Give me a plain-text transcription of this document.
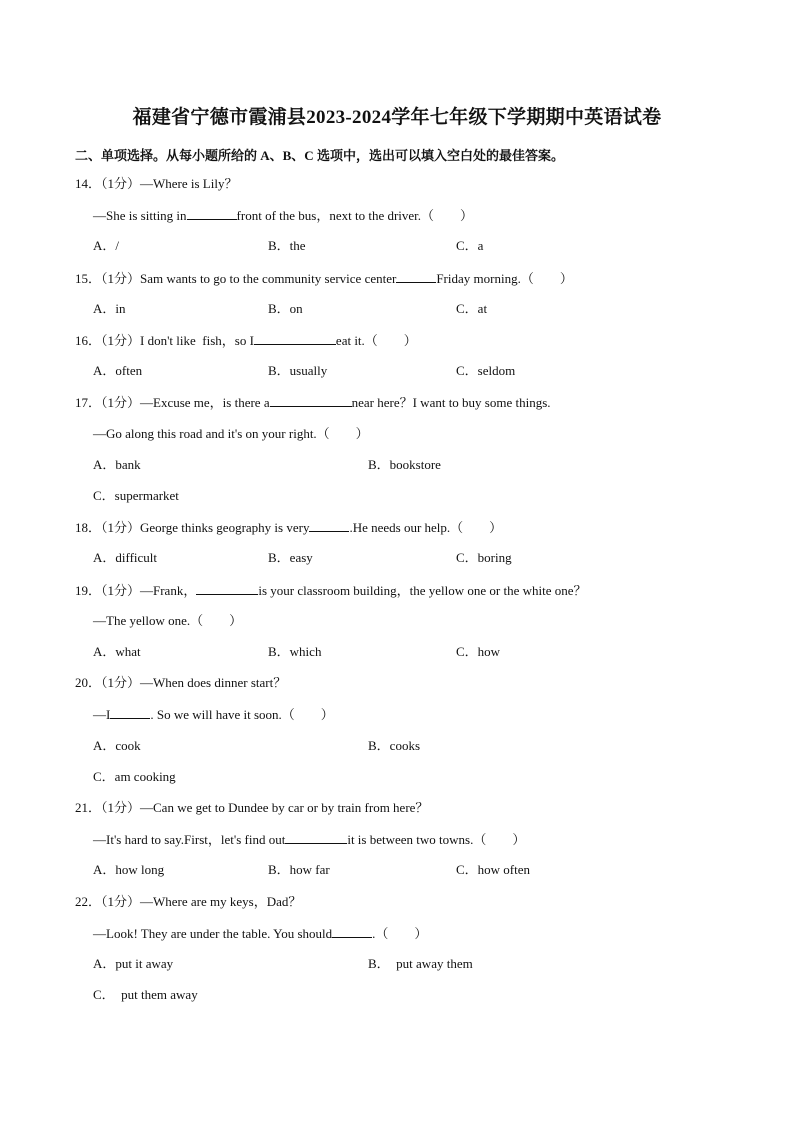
福建省宁德市霞浦县2023-2024学年七年级下学期期中英语试卷
二、单项选择。从每小题所给的 A、B、C 选项中，选出可以填入空白处的最佳答案。
14．（1分）—Where is Lily？
—She is sitting in	front of the bus，next to the driver.（　　）
A．/	B．the	C．a
15．（1分）Sam wants to go to the community service center	Friday morning.（　　）
A．in	B．on	C．at
16．（1分）I don't like  fish，so I	eat it.（　　）
A．often	B．usually	C．seldom
17．（1分）—Excuse me，is there a	near here？I want to buy some things.
—Go along this road and it's on your right.（　　）
A．bank	B．bookstore
C．supermarket
18．（1分）George thinks geography is very	.He needs our help.（　　）
A．difficult	B．easy	C．boring
19．（1分）—Frank，	is your classroom building，the yellow one or the white one？
—The yellow one.（　　）
A．what	B．which	C．how
20．（1分）—When does dinner start？
—I	. So we will have it soon.（　　）
A．cook	B．cooks
C．am cooking
21．（1分）—Can we get to Dundee by car or by train from here？
—It's hard to say.First，let's find out	it is between two towns.（　　）
A．how long	B．how far	C．how often
22．（1分）—Where are my keys，Dad？
—Look! They are under the table. You should	.（　　）
A．put it away	B．  put away them
C．  put them away
